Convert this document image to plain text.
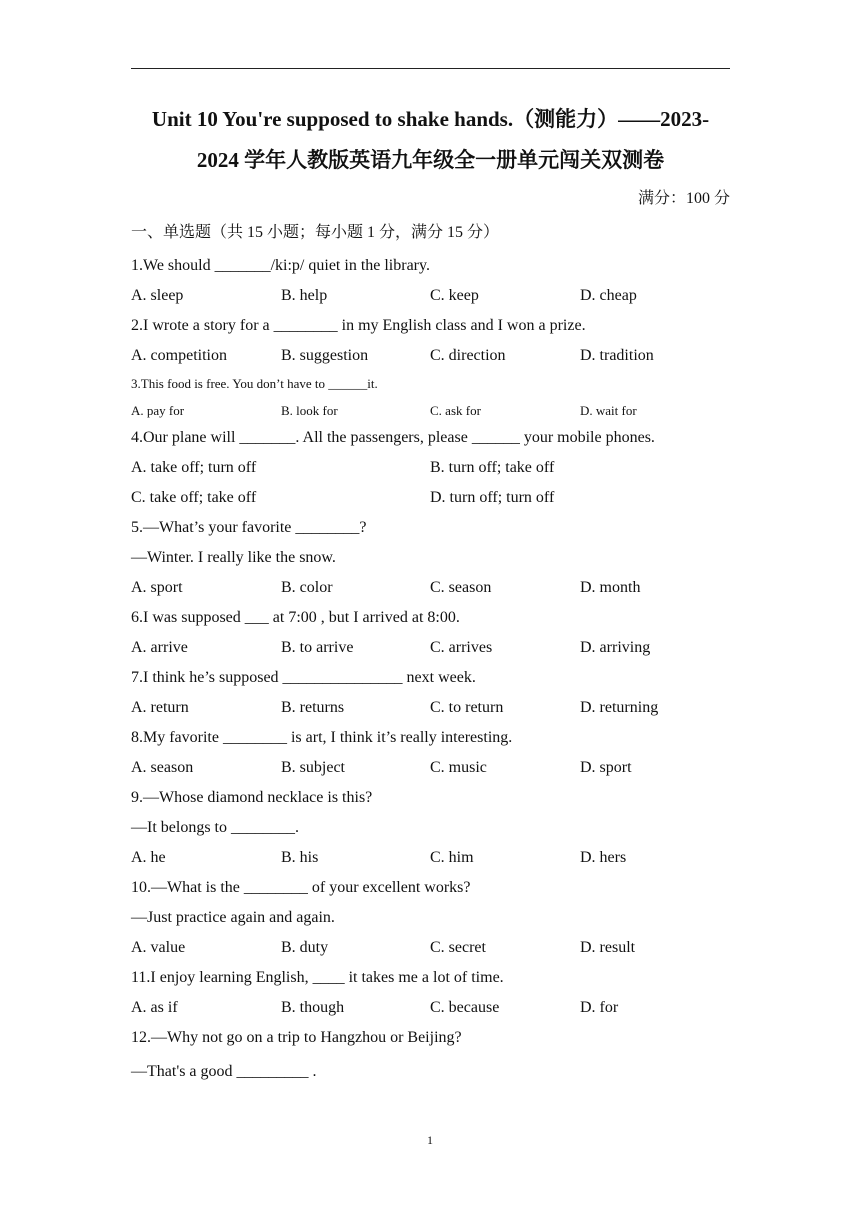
Unit 10 You're supposed to shake hands.（测能力）——2023-
2024 学年人教版英语九年级全一册单元闯关双测卷
满分：100 分
一、单选题（共 15 小题；每小题 1 分，满分 15 分）
1.We should _______/ki:p/ quiet in the library.
A. sleep	B. help	C. keep	D. cheap
2.I wrote a story for a ________ in my English class and I won a prize.
A. competition	B. suggestion	C. direction	D. tradition
3.This food is free. You don’t have to ______it.
A. pay for	B. look for	C. ask for	D. wait for
4.Our plane will _______. All the passengers, please ______ your mobile phones.
A. take off; turn off	B. turn off; take off
C. take off; take off	D. turn off; turn off
5.—What’s your favorite ________?
—Winter. I really like the snow.
A. sport	B. color	C. season	D. month
6.I was supposed ___ at 7:00 , but I arrived at 8:00.
A. arrive	B. to arrive	C. arrives	D. arriving
7.I think he’s supposed _______________ next week.
A. return	B. returns	C. to return	D. returning
8.My favorite ________ is art, I think it’s really interesting.
A. season	B. subject	C. music	D. sport
9.—Whose diamond necklace is this?
—It belongs to ________.
A. he	B. his	C. him	D. hers
10.—What is the ________ of your excellent works?
—Just practice again and again.
A. value	B. duty	C. secret	D. result
11.I enjoy learning English, ____ it takes me a lot of time.
A. as if	B. though	C. because	D. for
12.—Why not go on a trip to Hangzhou or Beijing?
—That's a good _________ .
1
